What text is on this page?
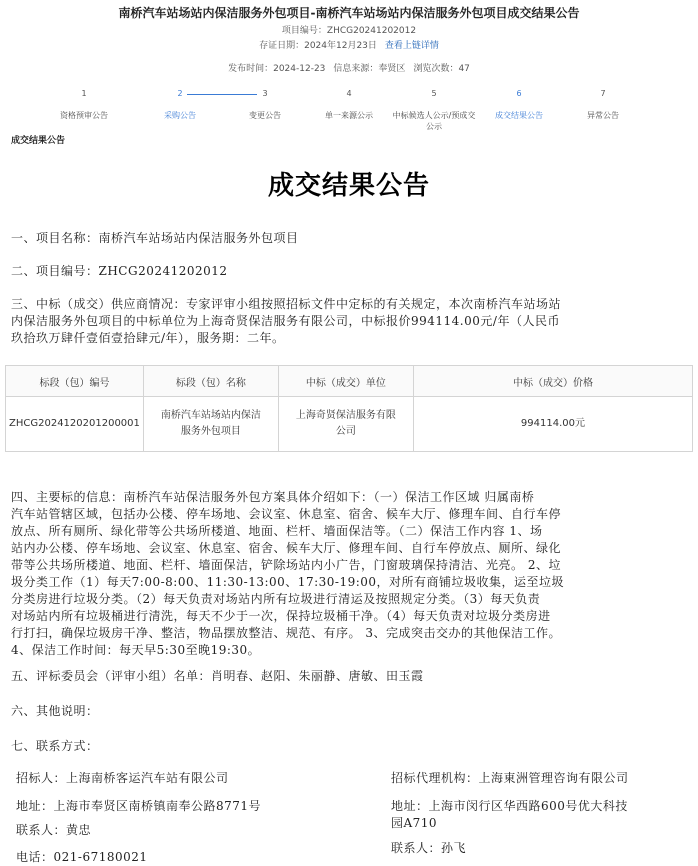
南桥汽车站场站内保洁服务外包项目-南桥汽车站场站内保洁服务外包项目成交结果公告
项目编号：ZHCG20241202012
存证日期：2024年12月23日 查看上链详情
发布时间：2024-12-23 信息来源：奉贤区 浏览次数：47
1
资格预审公告
2
采购公告
3
变更公告
4
单一来源公示
5
中标候选人公示/预成交
公示
6
成交结果公告
7
异常公告
成交结果公告
成交结果公告
一、项目名称：南桥汽车站场站内保洁服务外包项目
二、项目编号：ZHCG20241202012
三、中标（成交）供应商情况：专家评审小组按照招标文件中定标的有关规定，本次南桥汽车站场站
内保洁服务外包项目的中标单位为上海奇贤保洁服务有限公司，中标报价994114.00元/年（人民币
玖拾玖万肆仟壹佰壹拾肆元/年），服务期：二年。
标段（包）编号	标段（包）名称	中标（成交）单位	中标（成交）价格
ZHCG2024120201200001	南桥汽车站场站内保洁
服务外包项目	上海奇贤保洁服务有限
公司	994114.00元
四、主要标的信息：南桥汽车站保洁服务外包方案具体介绍如下：（一）保洁工作区域 归属南桥
汽车站管辖区域，包括办公楼、停车场地、会议室、休息室、宿舍、候车大厅、修理车间、自行车停
放点、所有厕所、绿化带等公共场所楼道、地面、栏杆、墙面保洁等。（二）保洁工作内容 1、场
站内办公楼、停车场地、会议室、休息室、宿舍、候车大厅、修理车间、自行车停放点、厕所、绿化
带等公共场所楼道、地面、栏杆、墙面保洁，铲除场站内小广告，门窗玻璃保持清洁、光亮。 2、垃
圾分类工作（1）每天7:00-8:00、11:30-13:00、17:30-19:00，对所有商铺垃圾收集，运至垃圾
分类房进行垃圾分类。（2）每天负责对场站内所有垃圾进行清运及按照规定分类。（3）每天负责
对场站内所有垃圾桶进行清洗，每天不少于一次，保持垃圾桶干净。（4）每天负责对垃圾分类房进
行打扫，确保垃圾房干净、整洁，物品摆放整洁、规范、有序。 3、完成突击交办的其他保洁工作。
4、保洁工作时间：每天早5:30至晚19:30。
五、评标委员会（评审小组）名单：肖明春、赵阳、朱丽静、唐敏、田玉霞
六、其他说明：
七、联系方式：
招标人：上海南桥客运汽车站有限公司
地址：上海市奉贤区南桥镇南奉公路8771号
联系人：黄忠
电话：021-67180021
招标代理机构：上海東洲管理咨询有限公司
地址：上海市闵行区华西路600号优大科技
园A710
联系人：孙飞
